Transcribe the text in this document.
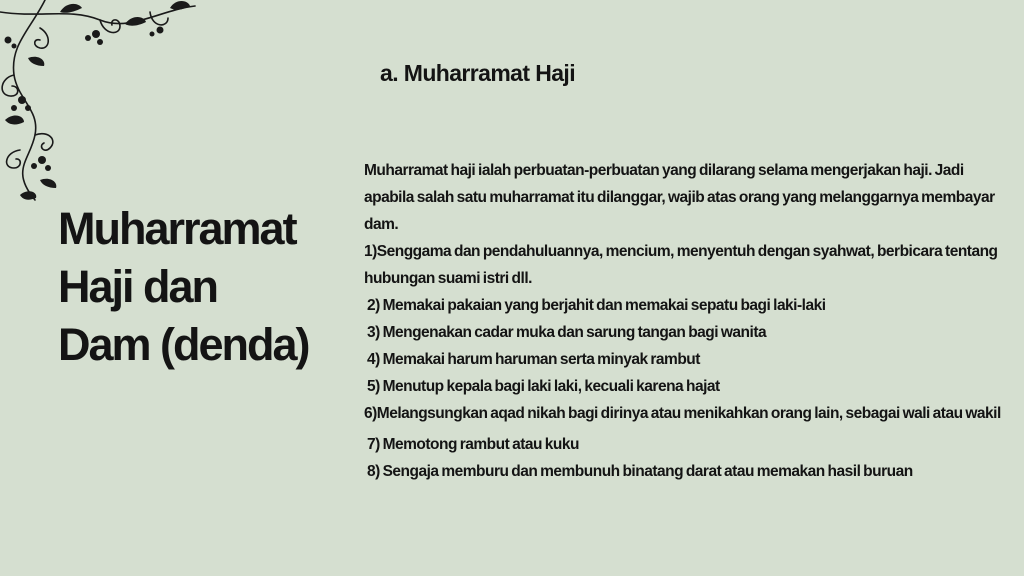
a. Muharramat Haji
Muharramat
Haji dan
Dam (denda)

Muharramat haji ialah perbuatan-perbuatan yang dilarang selama mengerjakan haji. Jadi apabila salah satu muharramat itu dilanggar, wajib atas orang yang melanggarnya membayar dam.

1)Senggama dan pendahuluannya, mencium, menyentuh dengan syahwat, berbicara tentang hubungan suami istri dll.

2) Memakai pakaian yang berjahit dan memakai sepatu bagi laki-laki

3) Mengenakan cadar muka dan sarung tangan bagi wanita

4) Memakai harum haruman serta minyak rambut

5) Menutup kepala bagi laki laki, kecuali karena hajat

6)Melangsungkan aqad nikah bagi dirinya atau menikahkan orang lain, sebagai wali atau wakil

7) Memotong rambut atau kuku

8) Sengaja memburu dan membunuh binatang darat atau memakan hasil buruan
